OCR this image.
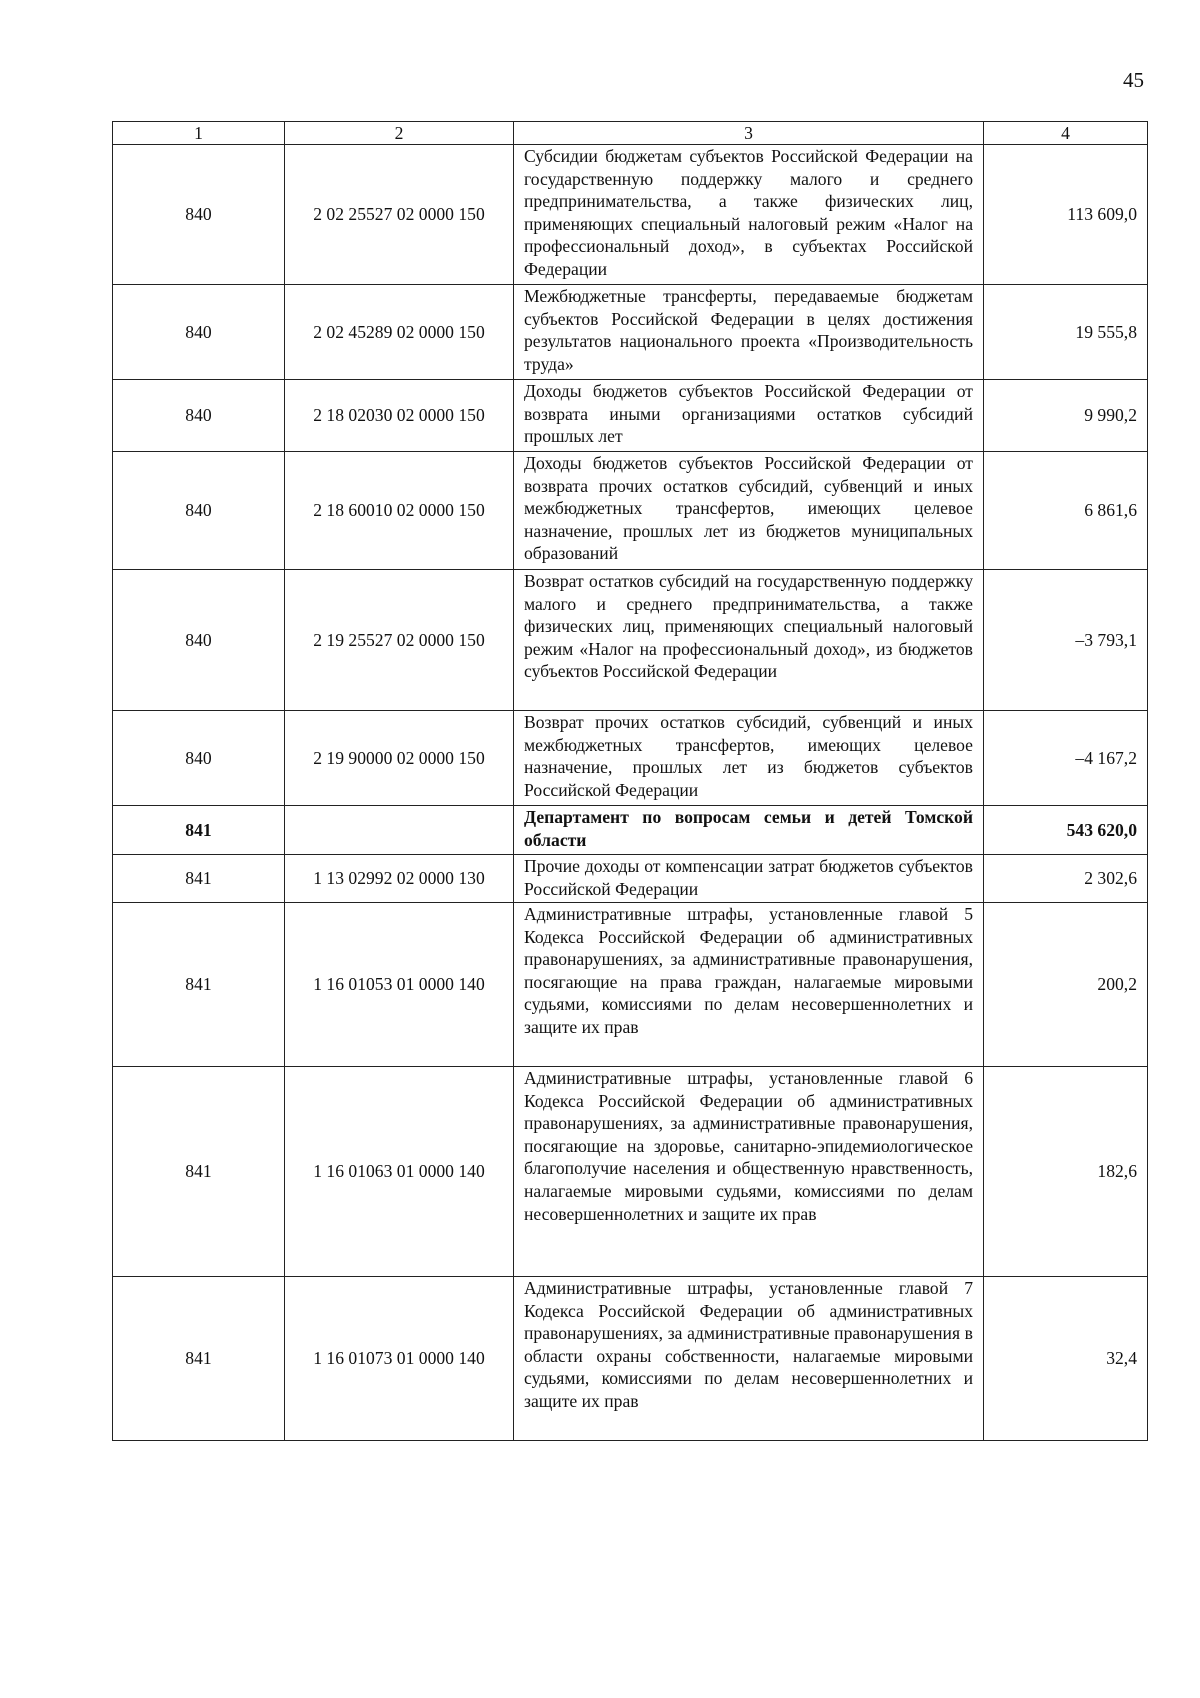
45
1	2	3	4
840	2 02 25527 02 0000 150	Субсидии бюджетам субъектов Российской Федерации на государственную поддержку малого и среднего предпринимательства, а также физических лиц, применяющих специальный налоговый режим «Налог на профессиональный доход», в субъектах Российской Федерации	113 609,0
840	2 02 45289 02 0000 150	Межбюджетные трансферты, передаваемые бюджетам субъектов Российской Федерации в целях достижения результатов национального проекта «Производительность труда»	19 555,8
840	2 18 02030 02 0000 150	Доходы бюджетов субъектов Российской Федерации от возврата иными организациями остатков субсидий прошлых лет	9 990,2
840	2 18 60010 02 0000 150	Доходы бюджетов субъектов Российской Федерации от возврата прочих остатков субсидий, субвенций и иных межбюджетных трансфертов, имеющих целевое назначение, прошлых лет из бюджетов муниципальных образований	6 861,6
840	2 19 25527 02 0000 150	Возврат остатков субсидий на государственную поддержку малого и среднего предпринимательства, а также физических лиц, применяющих специальный налоговый режим «Налог на профессиональный доход», из бюджетов субъектов Российской Федерации	–3 793,1
840	2 19 90000 02 0000 150	Возврат прочих остатков субсидий, субвенций и иных межбюджетных трансфертов, имеющих целевое назначение, прошлых лет из бюджетов субъектов Российской Федерации	–4 167,2
841		Департамент по вопросам семьи и детей Томской области	543 620,0
841	1 13 02992 02 0000 130	Прочие доходы от компенсации затрат бюджетов субъектов Российской Федерации	2 302,6
841	1 16 01053 01 0000 140	Административные штрафы, установленные главой 5 Кодекса Российской Федерации об административных правонарушениях, за административные правонарушения, посягающие на права граждан, налагаемые мировыми судьями, комиссиями по делам несовершеннолетних и защите их прав	200,2
841	1 16 01063 01 0000 140	Административные штрафы, установленные главой 6 Кодекса Российской Федерации об административных правонарушениях, за административные правонарушения, посягающие на здоровье, санитарно-эпидемиологическое благополучие населения и общественную нравственность, налагаемые мировыми судьями, комиссиями по делам несовершеннолетних и защите их прав	182,6
841	1 16 01073 01 0000 140	Административные штрафы, установленные главой 7 Кодекса Российской Федерации об административных правонарушениях, за административные правонарушения в области охраны собственности, налагаемые мировыми судьями, комиссиями по делам несовершеннолетних и защите их прав	32,4
